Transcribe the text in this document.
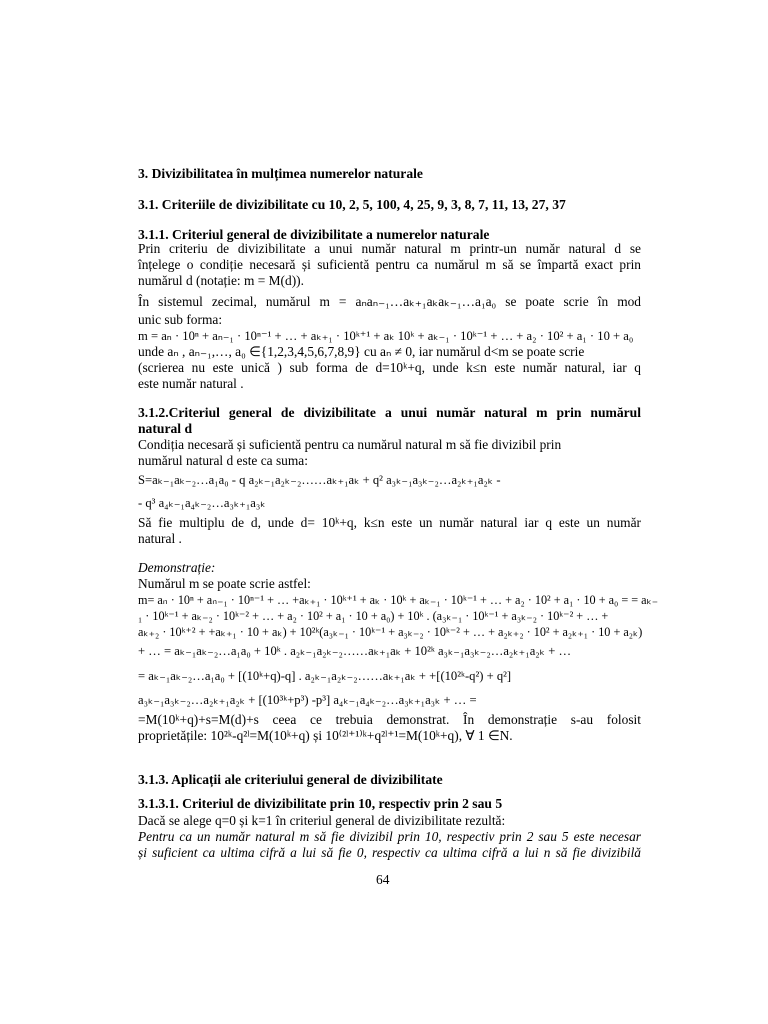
3. Divizibilitatea în mulțimea numerelor naturale
3.1. Criteriile de divizibilitate cu 10, 2, 5, 100, 4, 25, 9, 3, 8, 7, 11, 13, 27, 37
3.1.1. Criteriul general de divizibilitate a numerelor naturale
Prin criteriu de divizibilitate a unui număr natural m printr-un număr natural d se
înțelege o condiție necesară și suficientă pentru ca numărul m să se împartă exact prin
numărul d (notație: m = M(d)).
În sistemul zecimal, numărul m = aₙaₙ₋₁…aₖ₊₁aₖaₖ₋₁…a₁a₀ se poate scrie în mod
unic sub forma:
m = aₙ · 10ⁿ + aₙ₋₁ · 10ⁿ⁻¹ + … + aₖ₊₁ · 10ᵏ⁺¹ + aₖ 10ᵏ + aₖ₋₁ · 10ᵏ⁻¹ + … + a₂ · 10² + a₁ · 10 + a₀
unde aₙ , aₙ₋₁,…, a₀ ∈{1,2,3,4,5,6,7,8,9} cu aₙ ≠ 0, iar numărul d<m se poate scrie
(scrierea nu este unică ) sub forma de d=10ᵏ+q, unde k≤n este număr natural, iar q
este număr natural .
3.1.2.Criteriul general de divizibilitate a unui număr natural m prin numărul
natural d
Condiția necesară și suficientă pentru ca numărul natural m să fie divizibil prin
numărul natural d este ca suma:
S=aₖ₋₁aₖ₋₂…a₁a₀ - q a₂ₖ₋₁a₂ₖ₋₂……aₖ₊₁aₖ + q² a₃ₖ₋₁a₃ₖ₋₂…a₂ₖ₊₁a₂ₖ -
- q³ a₄ₖ₋₁a₄ₖ₋₂…a₃ₖ₊₁a₃ₖ
Să fie multiplu de d, unde d= 10ᵏ+q, k≤n este un număr natural iar q este un număr
natural .
Demonstrație:
Numărul m se poate scrie astfel:
m= aₙ · 10ⁿ + aₙ₋₁ · 10ⁿ⁻¹ + … +aₖ₊₁ · 10ᵏ⁺¹ + aₖ · 10ᵏ + aₖ₋₁ · 10ᵏ⁻¹ + … + a₂ · 10² + a₁ · 10 + a₀ = = aₖ₋
₁ · 10ᵏ⁻¹ + aₖ₋₂ · 10ᵏ⁻² + … + a₂ · 10² + a₁ · 10 + a₀) + 10ᵏ . (a₃ₖ₋₁ · 10ᵏ⁻¹ + a₃ₖ₋₂ · 10ᵏ⁻² + … +
aₖ₊₂ · 10ᵏ⁺² + +aₖ₊₁ · 10 + aₖ) + 10²ᵏ(a₃ₖ₋₁ · 10ᵏ⁻¹ + a₃ₖ₋₂ · 10ᵏ⁻² + … + a₂ₖ₊₂ · 10² + a₂ₖ₊₁ · 10 + a₂ₖ)
+ … = aₖ₋₁aₖ₋₂…a₁a₀ + 10ᵏ . a₂ₖ₋₁a₂ₖ₋₂……aₖ₊₁aₖ + 10²ᵏ a₃ₖ₋₁a₃ₖ₋₂…a₂ₖ₊₁a₂ₖ + …
= aₖ₋₁aₖ₋₂…a₁a₀ + [(10ᵏ+q)-q] . a₂ₖ₋₁a₂ₖ₋₂……aₖ₊₁aₖ + +[(10²ᵏ-q²) + q²]
a₃ₖ₋₁a₃ₖ₋₂…a₂ₖ₊₁a₂ₖ + [(10³ᵏ+p³) -p³] a₄ₖ₋₁a₄ₖ₋₂…a₃ₖ₊₁a₃ₖ + … =
=M(10ᵏ+q)+s=M(d)+s ceea ce trebuia demonstrat. În demonstrație s-au folosit
proprietățile: 10²ᵏ-q²ˡ=M(10ᵏ+q) și 10⁽²ˡ⁺¹⁾ᵏ+q²ˡ⁺¹=M(10ᵏ+q), ∀ 1 ∈N.
3.1.3. Aplicații ale criteriului general de divizibilitate
3.1.3.1. Criteriul de divizibilitate prin 10, respectiv prin 2 sau 5
Dacă se alege q=0 și k=1 în criteriul general de divizibilitate rezultă:
Pentru ca un număr natural m să fie divizibil prin 10, respectiv prin 2 sau 5 este necesar
și suficient ca ultima cifră a lui să fie 0, respectiv ca ultima cifră a lui n să fie divizibilă
64
